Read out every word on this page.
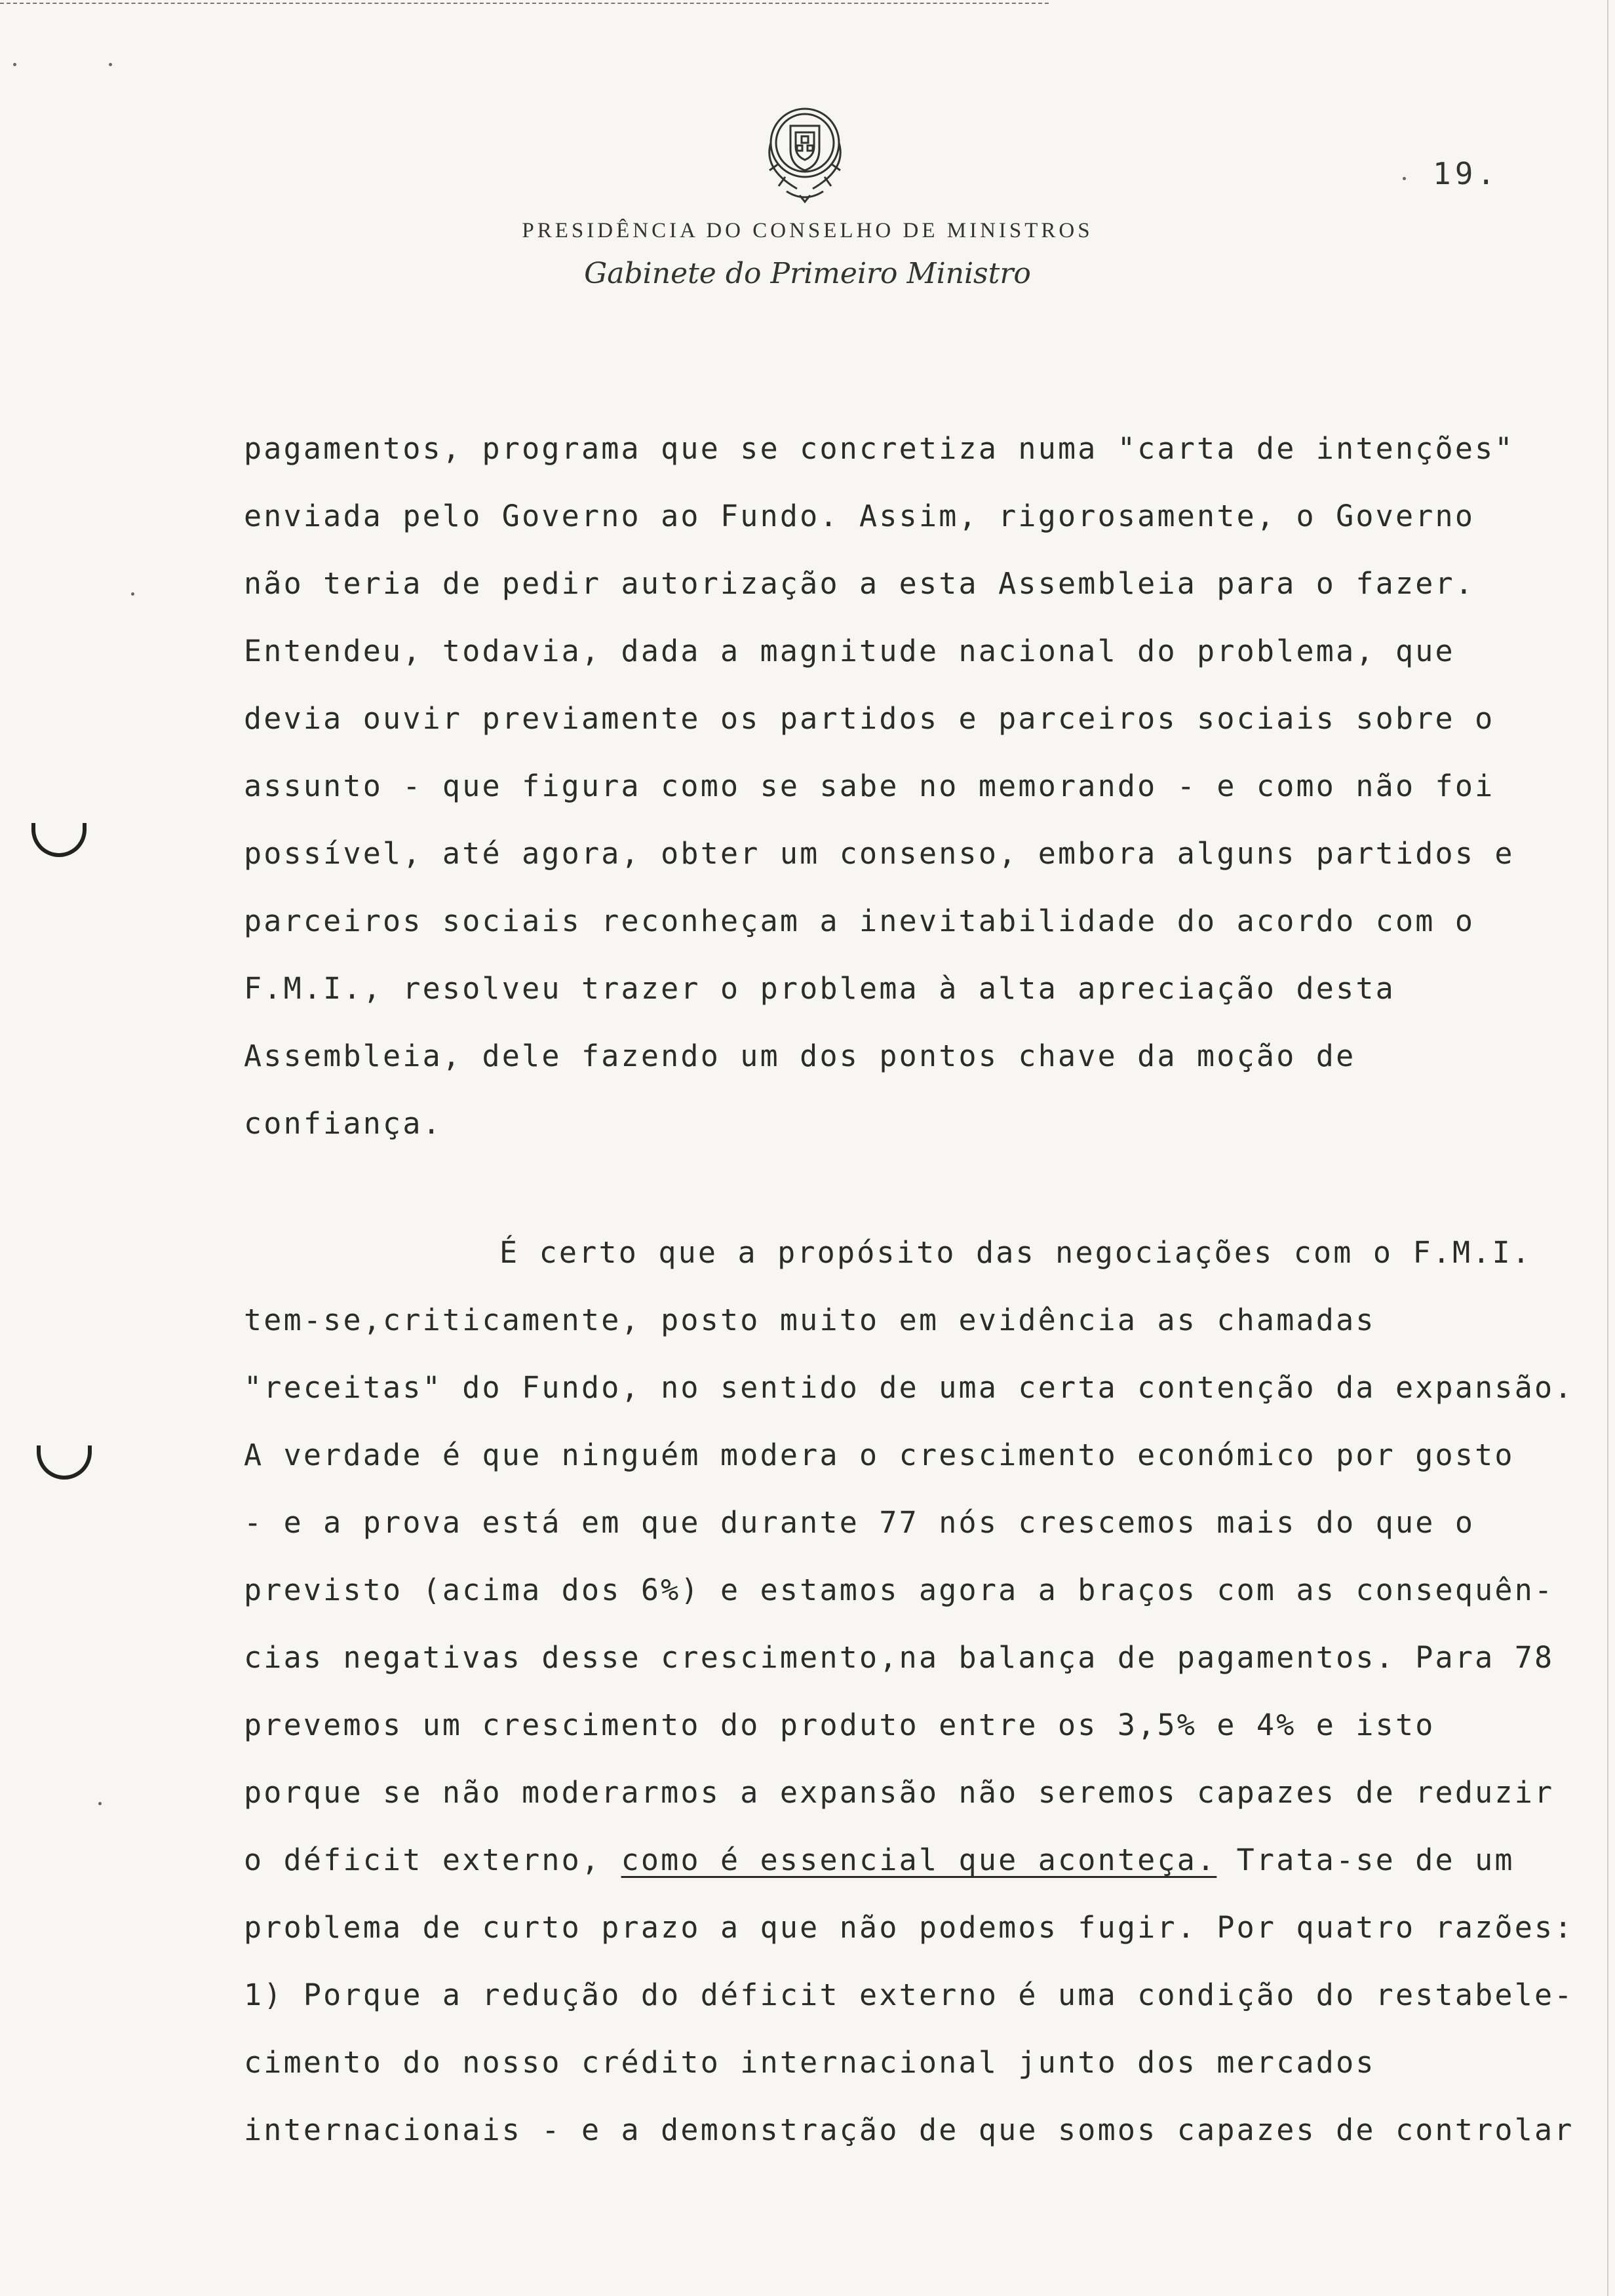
19.
PRESIDÊNCIA DO CONSELHO DE MINISTROS
Gabinete do Primeiro Ministro
pagamentos, programa que se concretiza numa "carta de intenções"
enviada pelo Governo ao Fundo. Assim, rigorosamente, o Governo
não teria de pedir autorização a esta Assembleia para o fazer.
Entendeu, todavia, dada a magnitude nacional do problema, que
devia ouvir previamente os partidos e parceiros sociais sobre o
assunto - que figura como se sabe no memorando - e como não foi
possível, até agora, obter um consenso, embora alguns partidos e
parceiros sociais reconheçam a inevitabilidade do acordo com o
F.M.I., resolveu trazer o problema à alta apreciação desta
Assembleia, dele fazendo um dos pontos chave da moção de
confiança.
É certo que a propósito das negociações com o F.M.I.
tem-se,criticamente, posto muito em evidência as chamadas
"receitas" do Fundo, no sentido de uma certa contenção da expansão.
A verdade é que ninguém modera o crescimento económico por gosto
- e a prova está em que durante 77 nós crescemos mais do que o
previsto (acima dos 6%) e estamos agora a braços com as consequên-
cias negativas desse crescimento,na balança de pagamentos. Para 78
prevemos um crescimento do produto entre os 3,5% e 4% e isto
porque se não moderarmos a expansão não seremos capazes de reduzir
o déficit externo, como é essencial que aconteça. Trata-se de um
problema de curto prazo a que não podemos fugir. Por quatro razões:
1) Porque a redução do déficit externo é uma condição do restabele-
cimento do nosso crédito internacional junto dos mercados
internacionais - e a demonstração de que somos capazes de controlar
